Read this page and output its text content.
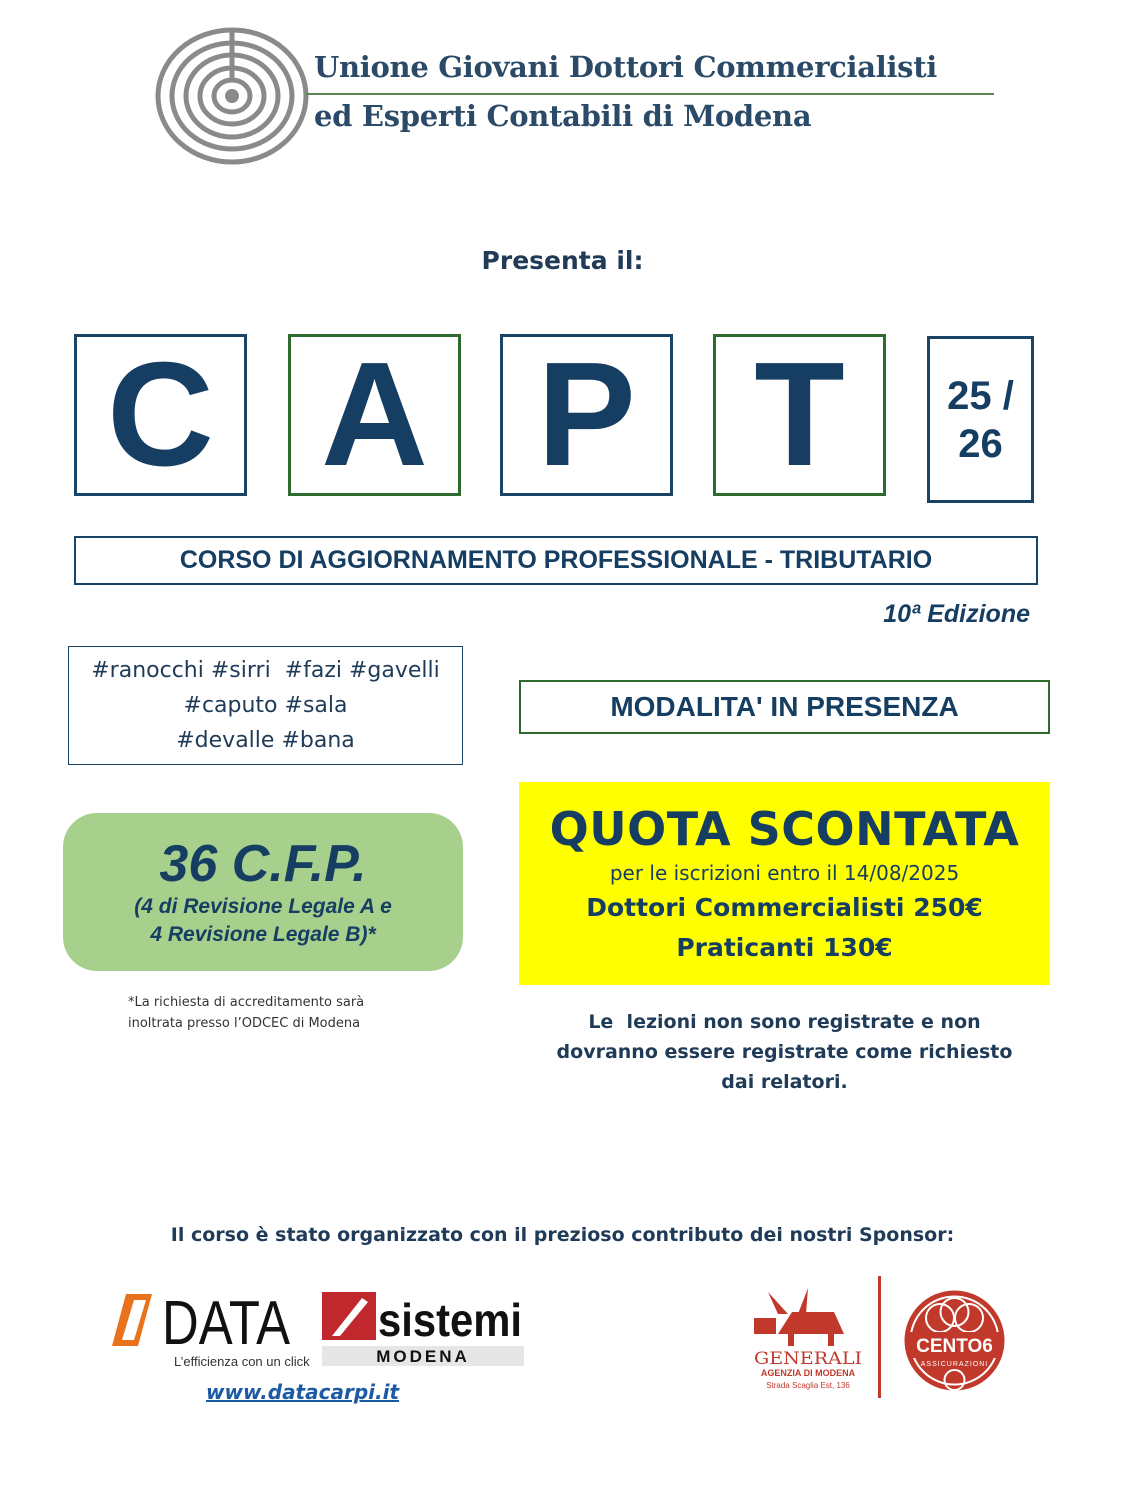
Unione Giovani Dottori Commercialisti
ed Esperti Contabili di Modena
Presenta il:
C A P T	25 /
26
CORSO DI AGGIORNAMENTO PROFESSIONALE - TRIBUTARIO
10ª Edizione
#ranocchi #sirri  #fazi #gavelli
#caputo #sala
#devalle #bana
MODALITA' IN PRESENZA
36 C.F.P.
(4 di Revisione Legale A e
4 Revisione Legale B)*
*La richiesta di accreditamento sarà
inoltrata presso l’ODCEC di Modena
QUOTA SCONTATA
per le iscrizioni entro il 14/08/2025
Dottori Commercialisti 250€
Praticanti 130€
Le  lezioni non sono registrate e non
dovranno essere registrate come richiesto
dai relatori.
Il corso è stato organizzato con il prezioso contributo dei nostri Sponsor:
DATA
L’efficienza con un click
www.datacarpi.it
sistemi
MODENA	GENERALI
AGENZIA DI MODENA
Strada Scaglia Est, 136
CENTO6
ASSICURAZIONI
